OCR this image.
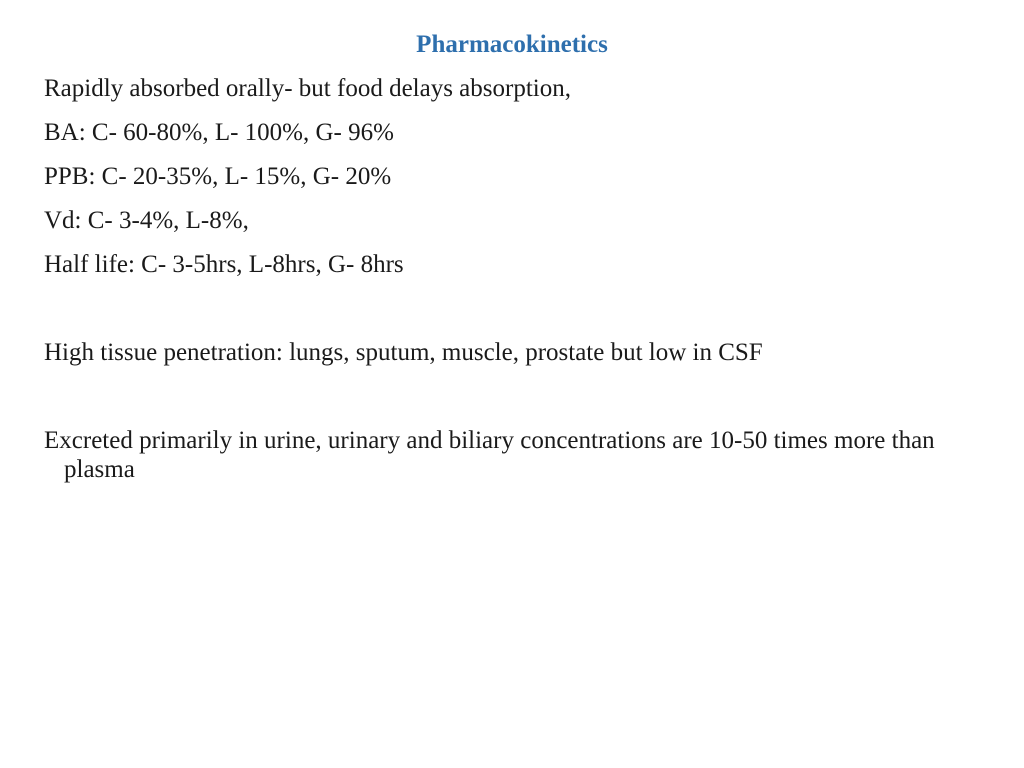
Pharmacokinetics

Rapidly absorbed orally- but food delays absorption,

BA: C- 60-80%, L- 100%, G- 96%

PPB: C- 20-35%, L- 15%, G- 20%

Vd: C- 3-4%, L-8%,

Half life: C- 3-5hrs, L-8hrs, G- 8hrs

High tissue penetration: lungs, sputum, muscle, prostate but low in CSF

Excreted primarily in urine, urinary and biliary concentrations are 10-50 times more than plasma
